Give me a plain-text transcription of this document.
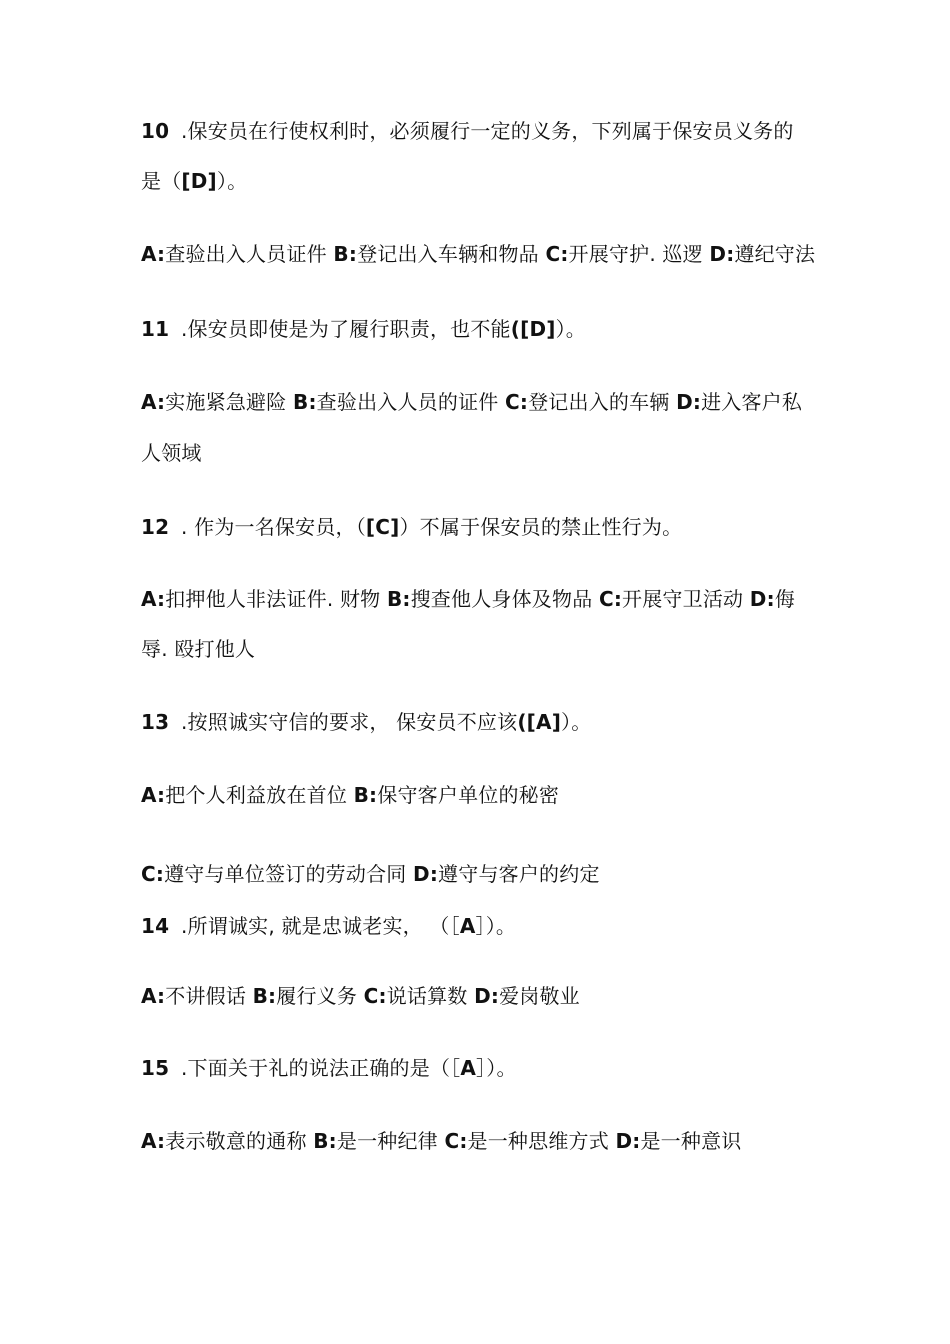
10 .保安员在行使权利时，必须履行一定的义务，下列属于保安员义务的
是（[D]）。
A:查验出入人员证件 B:登记出入车辆和物品 C:开展守护. 巡逻 D:遵纪守法
11 .保安员即使是为了履行职责，也不能([D]）。
A:实施紧急避险 B:查验出入人员的证件 C:登记出入的车辆 D:进入客户私
人领域
12 . 作为一名保安员，（[C]）不属于保安员的禁止性行为。
A:扣押他人非法证件. 财物 B:搜查他人身体及物品 C:开展守卫活动 D:侮
辱. 殴打他人
13 .按照诚实守信的要求， 保安员不应该([A]）。
A:把个人利益放在首位 B:保守客户单位的秘密
C:遵守与单位签订的劳动合同 D:遵守与客户的约定
14 .所谓诚实, 就是忠诚老实， （［A］）。
A:不讲假话 B:履行义务 C:说话算数 D:爱岗敬业
15 .下面关于礼的说法正确的是（［A］）。
A:表示敬意的通称 B:是一种纪律 C:是一种思维方式 D:是一种意识
